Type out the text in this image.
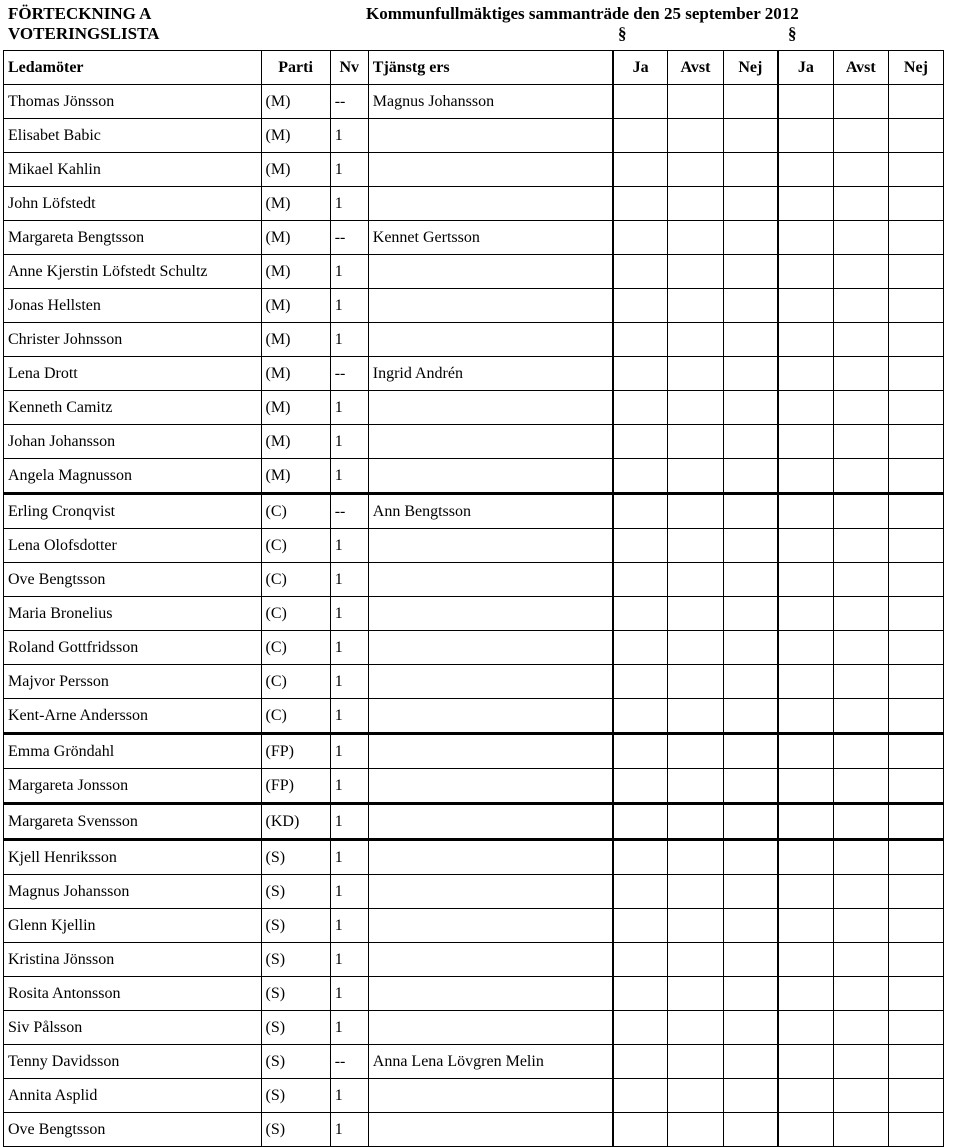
FÖRTECKNING A
VOTERINGSLISTA
Kommunfullmäktiges sammanträde den 25 september 2012
§	§
Ledamöter	Parti	Nv	Tjänstg ers	Ja	Avst	Nej	Ja	Avst	Nej
Thomas Jönsson	(M)	--	Magnus Johansson						
Elisabet Babic	(M)	1							
Mikael Kahlin	(M)	1							
John Löfstedt	(M)	1							
Margareta Bengtsson	(M)	--	Kennet Gertsson						
Anne Kjerstin Löfstedt Schultz	(M)	1							
Jonas Hellsten	(M)	1							
Christer Johnsson	(M)	1							
Lena Drott	(M)	--	Ingrid Andrén						
Kenneth Camitz	(M)	1							
Johan Johansson	(M)	1							
Angela Magnusson	(M)	1							
Erling Cronqvist	(C)	--	Ann Bengtsson						
Lena Olofsdotter	(C)	1							
Ove Bengtsson	(C)	1							
Maria Bronelius	(C)	1							
Roland Gottfridsson	(C)	1							
Majvor Persson	(C)	1							
Kent-Arne Andersson	(C)	1							
Emma Gröndahl	(FP)	1							
Margareta Jonsson	(FP)	1							
Margareta Svensson	(KD)	1							
Kjell Henriksson	(S)	1							
Magnus Johansson	(S)	1							
Glenn Kjellin	(S)	1							
Kristina Jönsson	(S)	1							
Rosita Antonsson	(S)	1							
Siv Pålsson	(S)	1							
Tenny Davidsson	(S)	--	Anna Lena Lövgren Melin						
Annita Asplid	(S)	1							
Ove Bengtsson	(S)	1							
